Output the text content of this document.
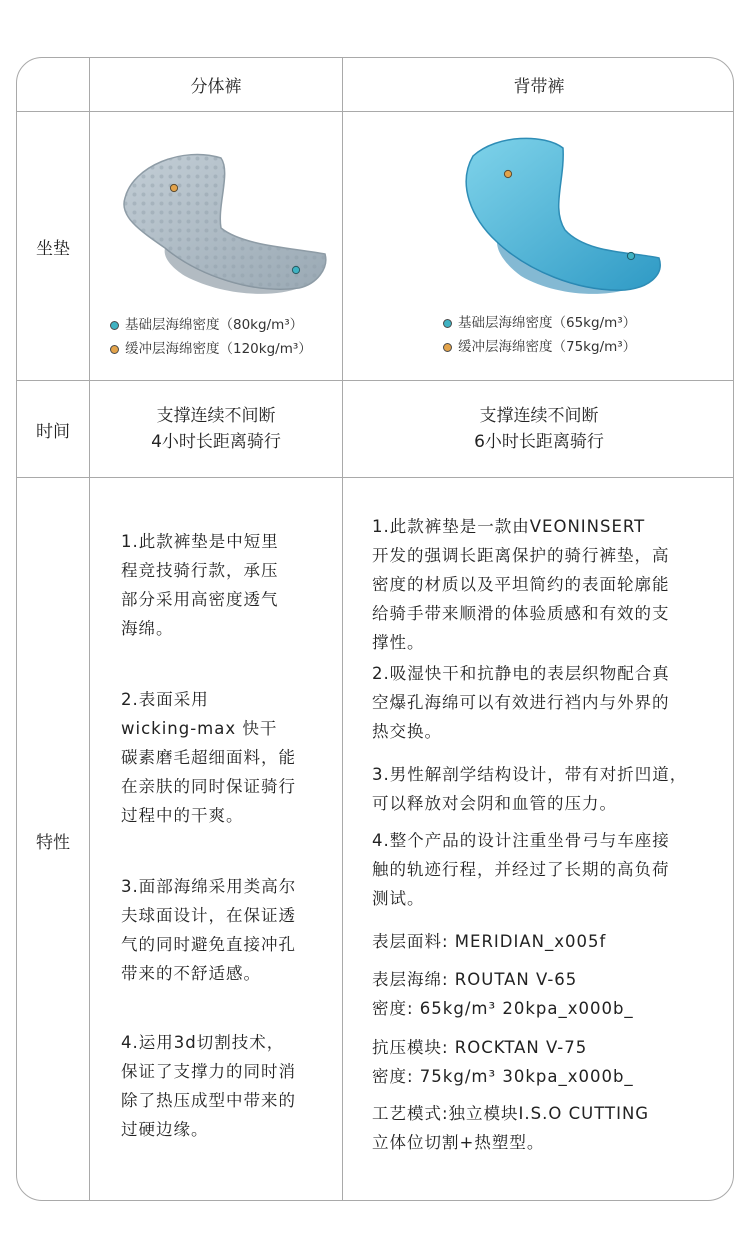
分体裤	背带裤
坐垫
时间
特性
基础层海绵密度（80kg/m³）
缓冲层海绵密度（120kg/m³）
基础层海绵密度（65kg/m³）
缓冲层海绵密度（75kg/m³）
支撑连续不间断
4小时长距离骑行
支撑连续不间断
6小时长距离骑行

1.此款裤垫是中短里

程竞技骑行款，承压

部分采用高密度透气

海绵。

2.表面采用

wicking-max 快干

碳素磨毛超细面料，能

在亲肤的同时保证骑行

过程中的干爽。

3.面部海绵采用类高尔

夫球面设计，在保证透

气的同时避免直接冲孔

带来的不舒适感。

4.运用3d切割技术，

保证了支撑力的同时消

除了热压成型中带来的

过硬边缘。

1.此款裤垫是一款由VEONINSERT

开发的强调长距离保护的骑行裤垫，高

密度的材质以及平坦简约的表面轮廓能

给骑手带来顺滑的体验质感和有效的支

撑性。

2.吸湿快干和抗静电的表层织物配合真

空爆孔海绵可以有效进行裆内与外界的

热交换。

3.男性解剖学结构设计，带有对折凹道，

可以释放对会阴和血管的压力。

4.整个产品的设计注重坐骨弓与车座接

触的轨迹行程，并经过了长期的高负荷

测试。

表层面料: MERIDIAN_x005f

表层海绵: ROUTAN V-65

密度: 65kg/m³ 20kpa_x000b_

抗压模块: ROCKTAN V-75

密度: 75kg/m³ 30kpa_x000b_

工艺模式:独立模块I.S.O CUTTING

立体位切割+热塑型。
